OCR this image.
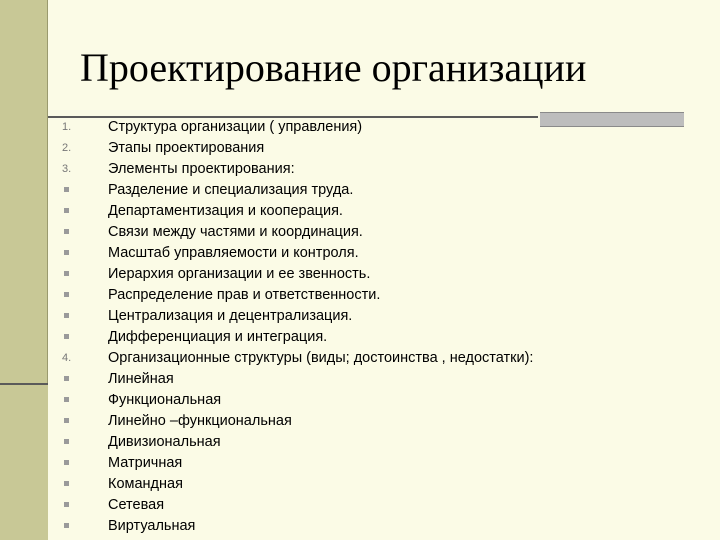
Проектирование организации
1.	Структура организации ( управления)
2.	Этапы проектирования
3.	Элементы проектирования:
Разделение и специализация труда.
Департаментизация и кооперация.
Связи между частями и координация.
Масштаб управляемости и контроля.
Иерархия организации и ее звенность.
Распределение прав и ответственности.
Централизация и децентрализация.
Дифференциация и интеграция.
4.	Организационные структуры (виды; достоинства , недостатки):
Линейная
Функциональная
Линейно –функциональная
Дивизиональная
Матричная
Командная
Сетевая
Виртуальная
